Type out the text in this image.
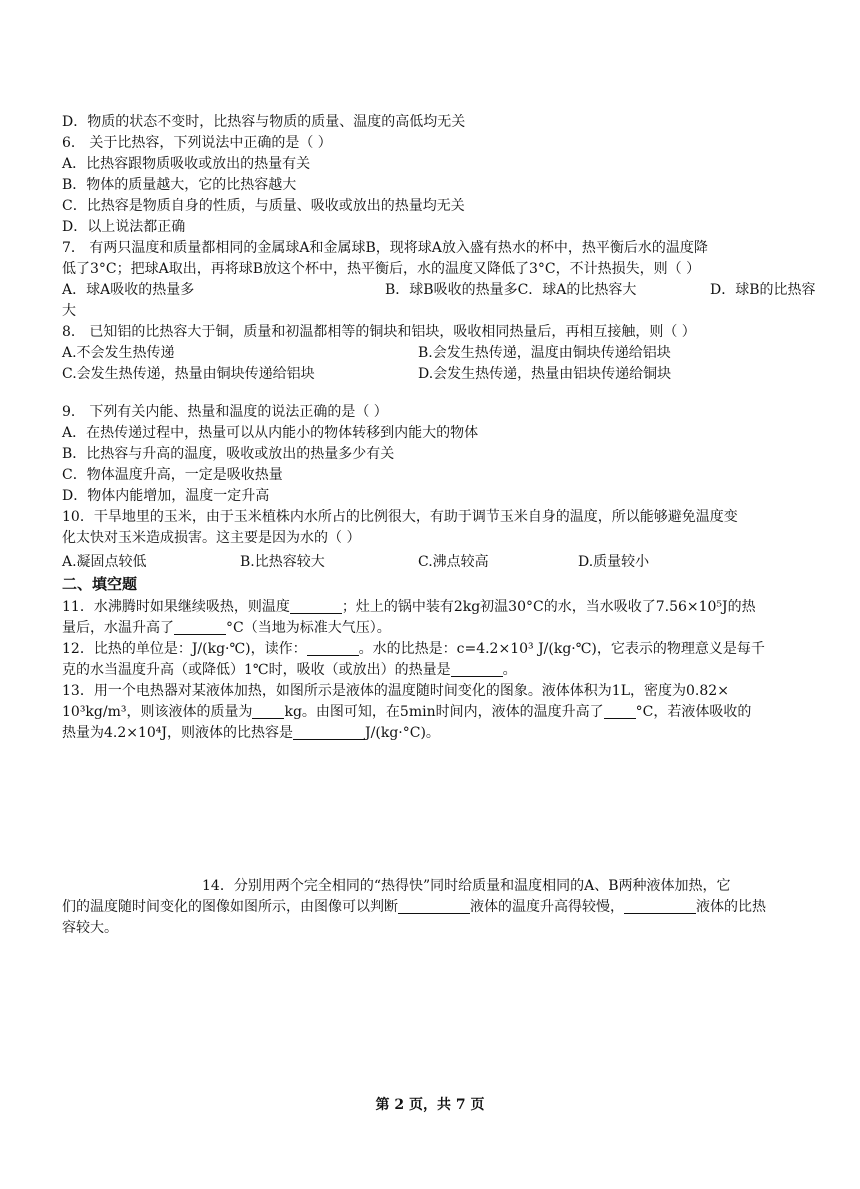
D．物质的状态不变时，比热容与物质的质量、温度的高低均无关
6． 关于比热容，下列说法中正确的是（ ）
A．比热容跟物质吸收或放出的热量有关
B．物体的质量越大，它的比热容越大
C．比热容是物质自身的性质，与质量、吸收或放出的热量均无关
D．以上说法都正确
7． 有两只温度和质量都相同的金属球A和金属球B，现将球A放入盛有热水的杯中，热平衡后水的温度降
低了3°C；把球A取出，再将球B放这个杯中，热平衡后，水的温度又降低了3°C，不计热损失，则（ ）
A．球A吸收的热量多	B．球B吸收的热量多C．球A的比热容大	D．球B的比热容
大
8． 已知铝的比热容大于铜，质量和初温都相等的铜块和铝块，吸收相同热量后，再相互接触，则（ ）
A.不会发生热传递	B.会发生热传递，温度由铜块传递给铝块
C.会发生热传递，热量由铜块传递给铝块	D.会发生热传递，热量由铝块传递给铜块
9． 下列有关内能、热量和温度的说法正确的是（ ）
A．在热传递过程中，热量可以从内能小的物体转移到内能大的物体
B．比热容与升高的温度，吸收或放出的热量多少有关
C．物体温度升高，一定是吸收热量
D．物体内能增加，温度一定升高
10．干旱地里的玉米，由于玉米植株内水所占的比例很大，有助于调节玉米自身的温度，所以能够避免温度变
化太快对玉米造成损害。这主要是因为水的（ ）
A.凝固点较低	B.比热容较大	C.沸点较高	D.质量较小
二、填空题
11．水沸腾时如果继续吸热，则温度	；灶上的锅中装有2kg初温30°C的水，当水吸收了7.56×10⁵J的热
量后，水温升高了	°C（当地为标准大气压）。
12．比热的单位是：J/(kg·℃)，读作：	。水的比热是：c=4.2×10³ J/(kg·℃)，它表示的物理意义是每千
克的水当温度升高（或降低）1℃时，吸收（或放出）的热量是	。
13．用一个电热器对某液体加热，如图所示是液体的温度随时间变化的图象。液体体积为1L，密度为0.82×
10³kg/m³，则该液体的质量为 kg。由图可知，在5min时间内，液体的温度升高了 °C，若液体吸收的
热量为4.2×10⁴J，则液体的比热容是	J/(kg·°C)。
14．分别用两个完全相同的“热得快”同时给质量和温度相同的A、B两种液体加热，它
们的温度随时间变化的图像如图所示，由图像可以判断	液体的温度升高得较慢，	液体的比热
容较大。
第 2 页，共 7 页
